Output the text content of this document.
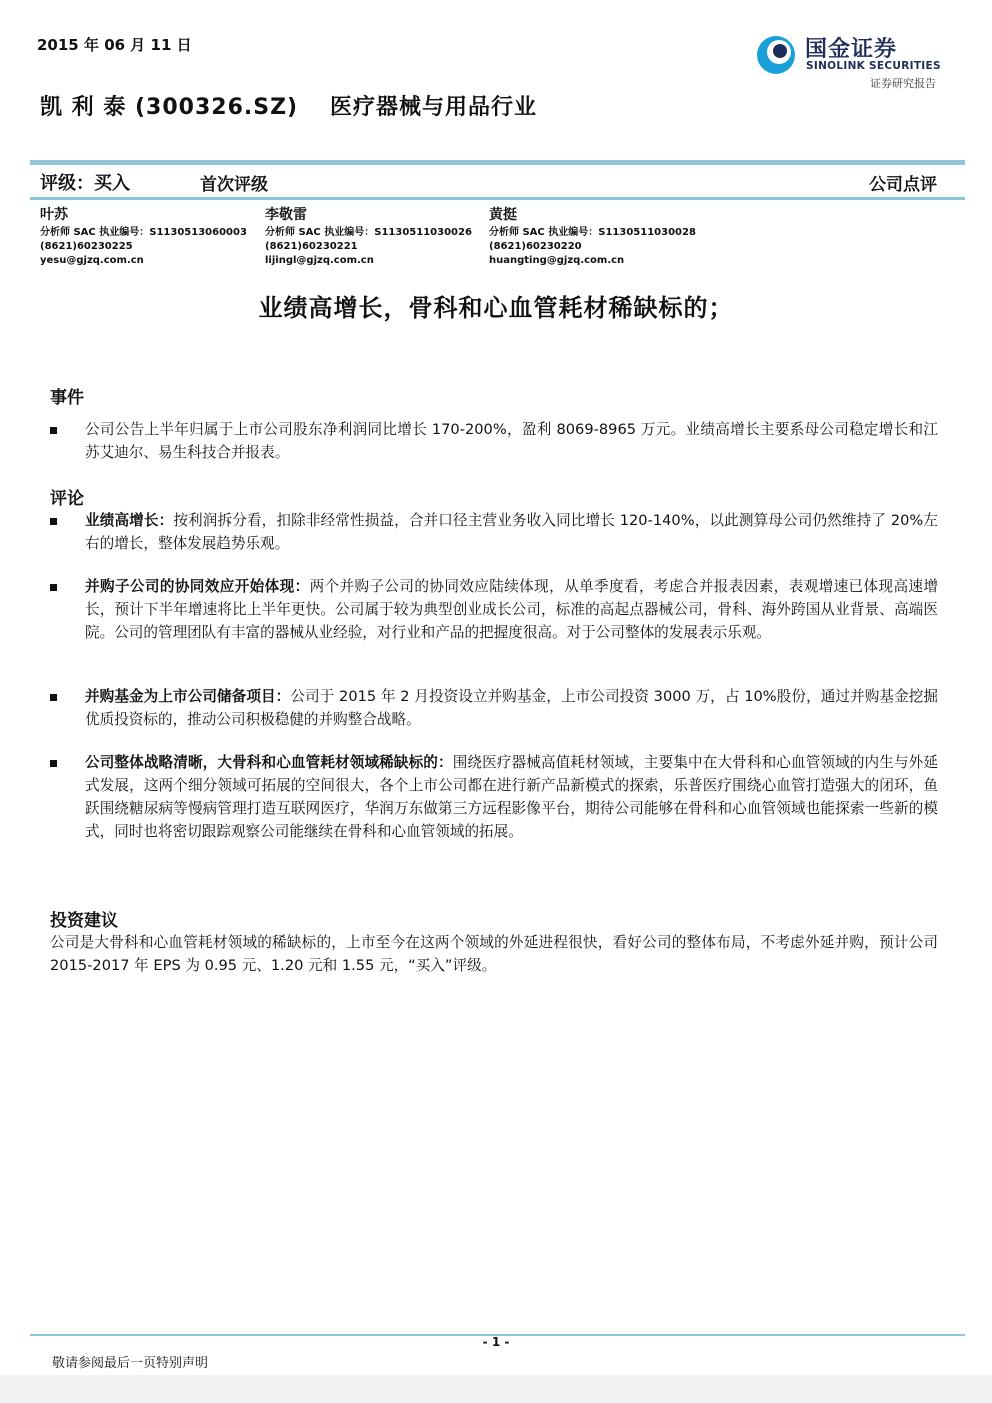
2015 年 06 月 11 日	国金证券
SINOLINK SECURITIES
证券研究报告
凯 利 泰 (300326.SZ) 医疗器械与用品行业
评级：买入	首次评级	公司点评
叶苏
分析师 SAC 执业编号：S1130513060003
(8621)60230225
yesu@gjzq.com.cn
李敬雷
分析师 SAC 执业编号：S1130511030026
(8621)60230221
lijingl@gjzq.com.cn
黄挺
分析师 SAC 执业编号：S1130511030028
(8621)60230220
huangting@gjzq.com.cn
业绩高增长，骨科和心血管耗材稀缺标的；
事件
公司公告上半年归属于上市公司股东净利润同比增长 170-200%，盈利 8069-8965 万元。业绩高增长主要系母公司稳定增长和江苏艾迪尔、易生科技合并报表。
评论
业绩高增长：按利润拆分看，扣除非经常性损益，合并口径主营业务收入同比增长 120-140%，以此测算母公司仍然维持了 20%左右的增长，整体发展趋势乐观。
并购子公司的协同效应开始体现：两个并购子公司的协同效应陆续体现，从单季度看，考虑合并报表因素，表观增速已体现高速增长，预计下半年增速将比上半年更快。公司属于较为典型创业成长公司，标准的高起点器械公司，骨科、海外跨国从业背景、高端医院。公司的管理团队有丰富的器械从业经验，对行业和产品的把握度很高。对于公司整体的发展表示乐观。
并购基金为上市公司储备项目：公司于 2015 年 2 月投资设立并购基金，上市公司投资 3000 万，占 10%股份，通过并购基金挖掘优质投资标的，推动公司积极稳健的并购整合战略。
公司整体战略清晰，大骨科和心血管耗材领域稀缺标的：围绕医疗器械高值耗材领域，主要集中在大骨科和心血管领域的内生与外延式发展，这两个细分领域可拓展的空间很大，各个上市公司都在进行新产品新模式的探索，乐普医疗围绕心血管打造强大的闭环，鱼跃围绕糖尿病等慢病管理打造互联网医疗，华润万东做第三方远程影像平台，期待公司能够在骨科和心血管领域也能探索一些新的模式，同时也将密切跟踪观察公司能继续在骨科和心血管领域的拓展。
投资建议
公司是大骨科和心血管耗材领域的稀缺标的，上市至今在这两个领域的外延进程很快，看好公司的整体布局，不考虑外延并购，预计公司 2015-2017 年 EPS 为 0.95 元、1.20 元和 1.55 元，“买入”评级。
- 1 -
敬请参阅最后一页特别声明
